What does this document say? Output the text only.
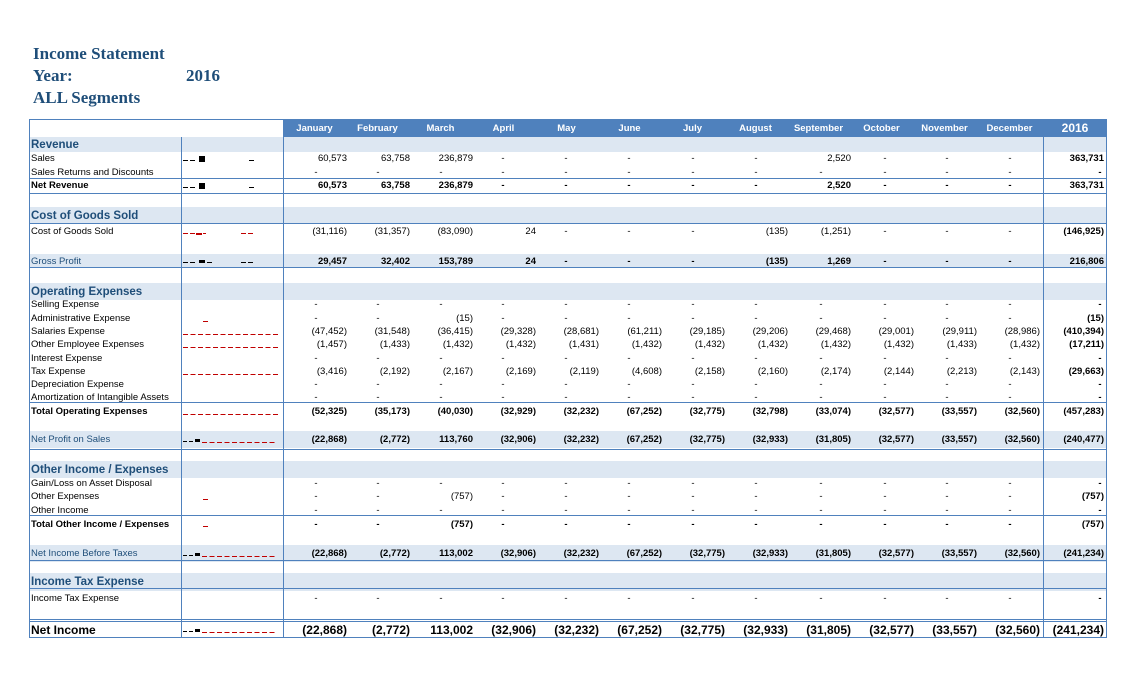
Income Statement
Year:	2016
ALL Segments
January	February	March	April	May	June	July	August	September	October	November	December	2016
Revenue
Sales	60,573	63,758	236,879	-	-	-	-	-	2,520	-	-	-	363,731
Sales Returns and Discounts	-	-	-	-	-	-	-	-	-	-	-	-	-
Net Revenue	60,573	63,758	236,879	-	-	-	-	-	2,520	-	-	-	363,731
Cost of Goods Sold
Cost of Goods Sold	(31,116)	(31,357)	(83,090)	24	-	-	-	(135)	(1,251)	-	-	-	(146,925)
Gross Profit	29,457	32,402	153,789	24	-	-	-	(135)	1,269	-	-	-	216,806
Operating Expenses
Selling Expense	-	-	-	-	-	-	-	-	-	-	-	-	-
Administrative Expense	-	-	(15)	-	-	-	-	-	-	-	-	-	(15)
Salaries Expense	(47,452)	(31,548)	(36,415)	(29,328)	(28,681)	(61,211)	(29,185)	(29,206)	(29,468)	(29,001)	(29,911)	(28,986)	(410,394)
Other Employee Expenses	(1,457)	(1,433)	(1,432)	(1,432)	(1,431)	(1,432)	(1,432)	(1,432)	(1,432)	(1,432)	(1,433)	(1,432)	(17,211)
Interest Expense	-	-	-	-	-	-	-	-	-	-	-	-	-
Tax Expense	(3,416)	(2,192)	(2,167)	(2,169)	(2,119)	(4,608)	(2,158)	(2,160)	(2,174)	(2,144)	(2,213)	(2,143)	(29,663)
Depreciation Expense	-	-	-	-	-	-	-	-	-	-	-	-	-
Amortization of Intangible Assets	-	-	-	-	-	-	-	-	-	-	-	-	-
Total Operating Expenses	(52,325)	(35,173)	(40,030)	(32,929)	(32,232)	(67,252)	(32,775)	(32,798)	(33,074)	(32,577)	(33,557)	(32,560)	(457,283)
Net Profit on Sales	(22,868)	(2,772)	113,760	(32,906)	(32,232)	(67,252)	(32,775)	(32,933)	(31,805)	(32,577)	(33,557)	(32,560)	(240,477)
Other Income / Expenses
Gain/Loss on Asset Disposal	-	-	-	-	-	-	-	-	-	-	-	-	-
Other Expenses	-	-	(757)	-	-	-	-	-	-	-	-	-	(757)
Other Income	-	-	-	-	-	-	-	-	-	-	-	-	-
Total Other Income / Expenses	-	-	(757)	-	-	-	-	-	-	-	-	-	(757)
Net Income Before Taxes	(22,868)	(2,772)	113,002	(32,906)	(32,232)	(67,252)	(32,775)	(32,933)	(31,805)	(32,577)	(33,557)	(32,560)	(241,234)
Income Tax Expense
Income Tax Expense	-	-	-	-	-	-	-	-	-	-	-	-	-
Net Income	(22,868)	(2,772)	113,002	(32,906)	(32,232)	(67,252)	(32,775)	(32,933)	(31,805)	(32,577)	(33,557)	(32,560)	(241,234)
